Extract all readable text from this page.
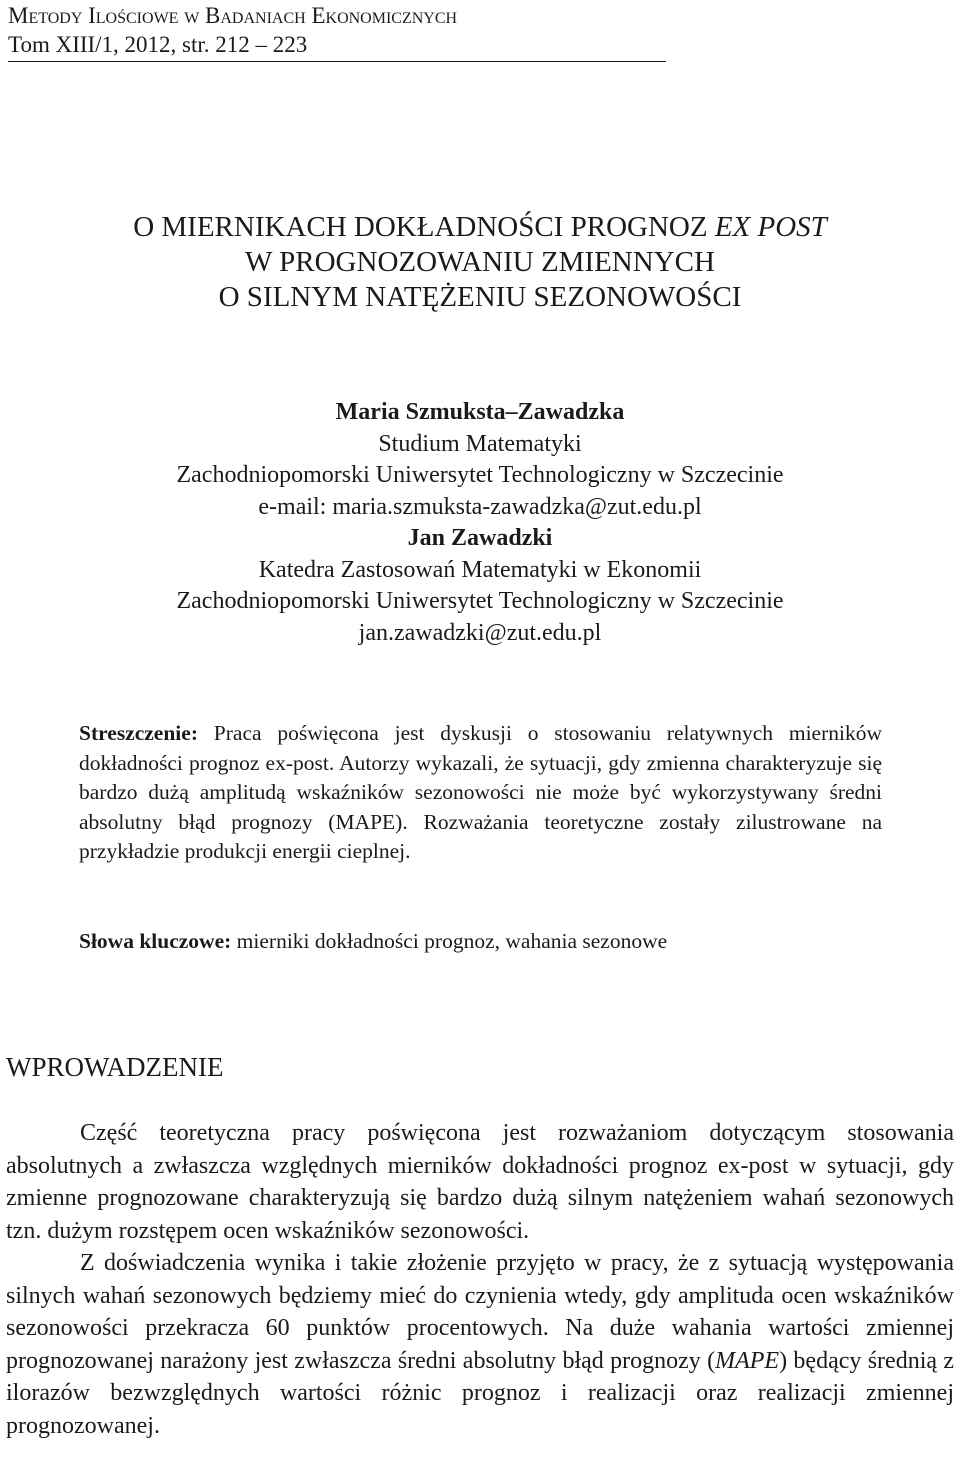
Metody Ilościowe w Badaniach Ekonomicznych
Tom XIII/1, 2012, str. 212 – 223
O MIERNIKACH DOKŁADNOŚCI PROGNOZ EX POST
W PROGNOZOWANIU ZMIENNYCH
O SILNYM NATĘŻENIU SEZONOWOŚCI
Maria Szmuksta–Zawadzka
Studium Matematyki
Zachodniopomorski Uniwersytet Technologiczny w Szczecinie
e-mail: maria.szmuksta-zawadzka@zut.edu.pl
Jan Zawadzki
Katedra Zastosowań Matematyki w Ekonomii
Zachodniopomorski Uniwersytet Technologiczny w Szczecinie
jan.zawadzki@zut.edu.pl
Streszczenie: Praca poświęcona jest dyskusji o stosowaniu relatywnych mierników dokładności prognoz ex-post. Autorzy wykazali, że sytuacji, gdy zmienna charakteryzuje się bardzo dużą amplitudą wskaźników sezonowości nie może być wykorzystywany średni absolutny błąd prognozy (MAPE). Rozważania teoretyczne zostały zilustrowane na przykładzie produkcji energii cieplnej.
Słowa kluczowe: mierniki dokładności prognoz, wahania sezonowe
WPROWADZENIE

Część teoretyczna pracy poświęcona jest rozważaniom dotyczącym stosowania absolutnych a zwłaszcza względnych mierników dokładności prognoz ex-post w sytuacji, gdy zmienne prognozowane charakteryzują się bardzo dużą silnym natężeniem wahań sezonowych tzn. dużym rozstępem ocen wskaźników sezonowości.

Z doświadczenia wynika i takie złożenie przyjęto w pracy, że z sytuacją występowania silnych wahań sezonowych będziemy mieć do czynienia wtedy, gdy amplituda ocen wskaźników sezonowości przekracza 60 punktów procentowych. Na duże wahania wartości zmiennej prognozowanej narażony jest zwłaszcza średni absolutny błąd prognozy (MAPE) będący średnią z ilorazów bezwzględnych wartości różnic prognoz i realizacji oraz realizacji zmiennej prognozowanej.
